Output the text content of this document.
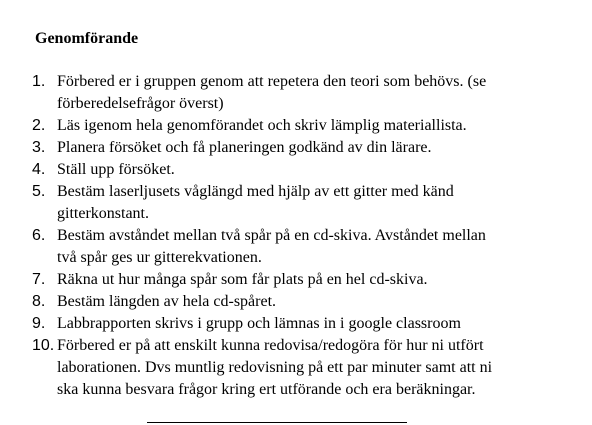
Genomförande
1. Förbered er i gruppen genom att repetera den teori som behövs. (se
förberedelsefrågor överst)
2. Läs igenom hela genomförandet och skriv lämplig materiallista.
3. Planera försöket och få planeringen godkänd av din lärare.
4. Ställ upp försöket.
5. Bestäm laserljusets våglängd med hjälp av ett gitter med känd
gitterkonstant.
6. Bestäm avståndet mellan två spår på en cd-skiva. Avståndet mellan
två spår ges ur gitterekvationen.
7. Räkna ut hur många spår som får plats på en hel cd-skiva.
8. Bestäm längden av hela cd-spåret.
9. Labbrapporten skrivs i grupp och lämnas in i google classroom
10. Förbered er på att enskilt kunna redovisa/redogöra för hur ni utfört
laborationen. Dvs muntlig redovisning på ett par minuter samt att ni
ska kunna besvara frågor kring ert utförande och era beräkningar.
